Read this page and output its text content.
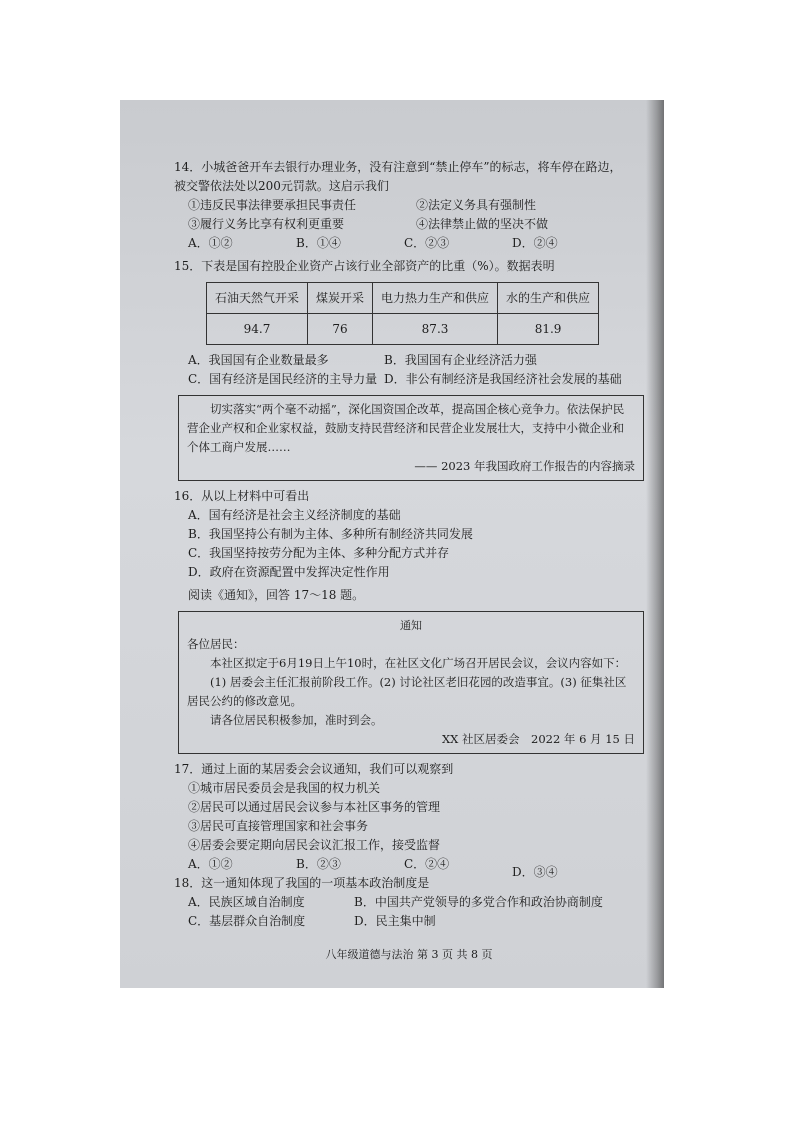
14．小城爸爸开车去银行办理业务，没有注意到“禁止停车”的标志，将车停在路边，

被交警依法处以200元罚款。这启示我们

①违反民事法律要承担民事责任	②法定义务具有强制性
③履行义务比享有权利更重要	④法律禁止做的坚决不做
A．①②	B．①④	C．②③	D．②④

15．下表是国有控股企业资产占该行业全部资产的比重（%）。数据表明

石油天然气开采	煤炭开采	电力热力生产和供应	水的生产和供应
94.7	76	87.3	81.9
A．我国国有企业数量最多	B．我国国有企业经济活力强
C．国有经济是国民经济的主导力量 D．非公有制经济是我国经济社会发展的基础
切实落实“两个毫不动摇”，深化国资国企改革，提高国企核心竞争力。依法保护民营企业产权和企业家权益，鼓励支持民营经济和民营企业发展壮大，支持中小微企业和个体工商户发展……
—— 2023 年我国政府工作报告的内容摘录

16．从以上材料中可看出

A．国有经济是社会主义经济制度的基础

B．我国坚持公有制为主体、多种所有制经济共同发展

C．我国坚持按劳分配为主体、多种分配方式并存

D．政府在资源配置中发挥决定性作用

阅读《通知》，回答 17～18 题。

通知
各位居民：
本社区拟定于6月19日上午10时，在社区文化广场召开居民会议，会议内容如下：
(1) 居委会主任汇报前阶段工作。(2) 讨论社区老旧花园的改造事宜。(3) 征集社区居民公约的修改意见。
请各位居民积极参加，准时到会。
XX 社区居委会　2022 年 6 月 15 日

17．通过上面的某居委会会议通知，我们可以观察到

①城市居民委员会是我国的权力机关

②居民可以通过居民会议参与本社区事务的管理

③居民可直接管理国家和社会事务

④居委会要定期向居民会议汇报工作，接受监督

A．①②	B．②③	C．②④
D．③④

18．这一通知体现了我国的一项基本政治制度是

A．民族区域自治制度	B．中国共产党领导的多党合作和政治协商制度
C．基层群众自治制度	D．民主集中制
八年级道德与法治 第 3 页 共 8 页
